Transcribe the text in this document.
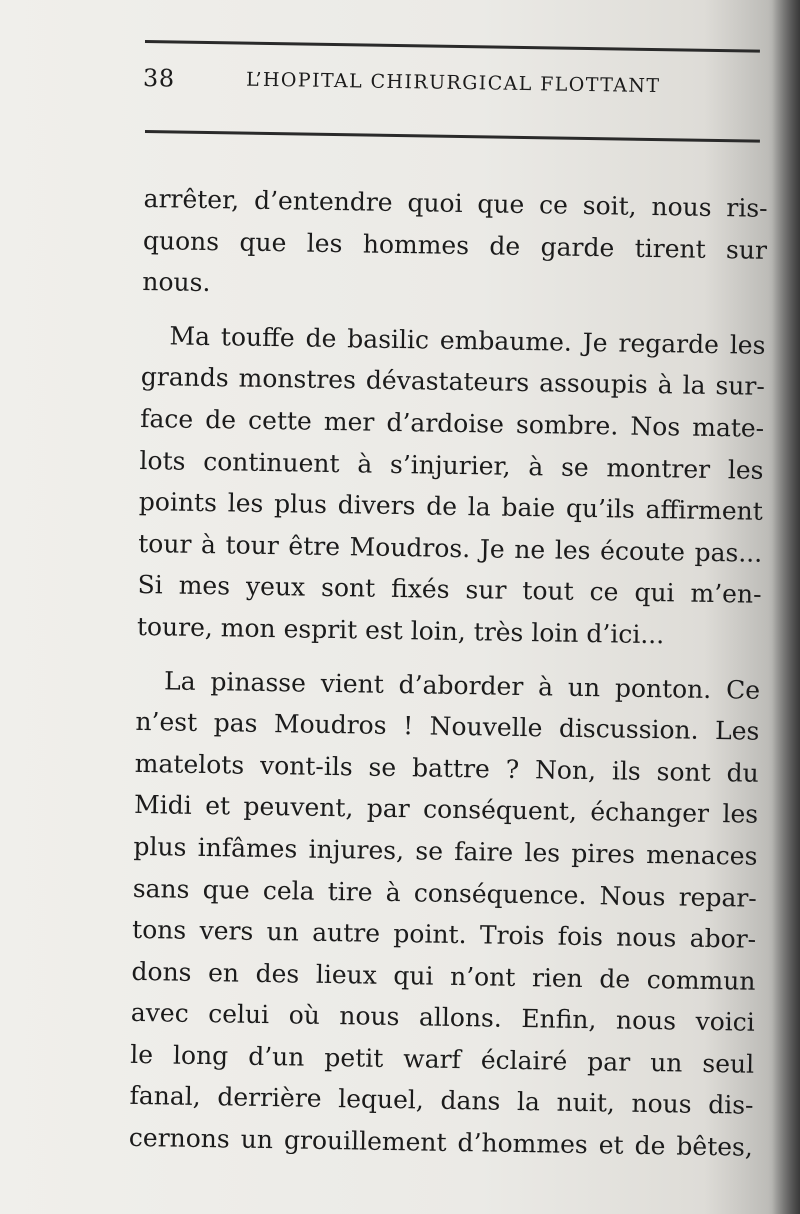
38	L’HOPITAL CHIRURGICAL FLOTTANT

arrêter, d’entendre quoi que ce soit, nous ris-
quons que les hommes de garde tirent sur
nous.

Ma touffe de basilic embaume. Je regarde les
grands monstres dévastateurs assoupis à la sur-
face de cette mer d’ardoise sombre. Nos mate-
lots continuent à s’injurier, à se montrer les
points les plus divers de la baie qu’ils affirment
tour à tour être Moudros. Je ne les écoute pas...
Si mes yeux sont fixés sur tout ce qui m’en-
toure, mon esprit est loin, très loin d’ici...

La pinasse vient d’aborder à un ponton. Ce
n’est pas Moudros ! Nouvelle discussion. Les
matelots vont-ils se battre ? Non, ils sont du
Midi et peuvent, par conséquent, échanger les
plus infâmes injures, se faire les pires menaces
sans que cela tire à conséquence. Nous repar-
tons vers un autre point. Trois fois nous abor-
dons en des lieux qui n’ont rien de commun
avec celui où nous allons. Enfin, nous voici
le long d’un petit warf éclairé par un seul
fanal, derrière lequel, dans la nuit, nous dis-
cernons un grouillement d’hommes et de bêtes,
